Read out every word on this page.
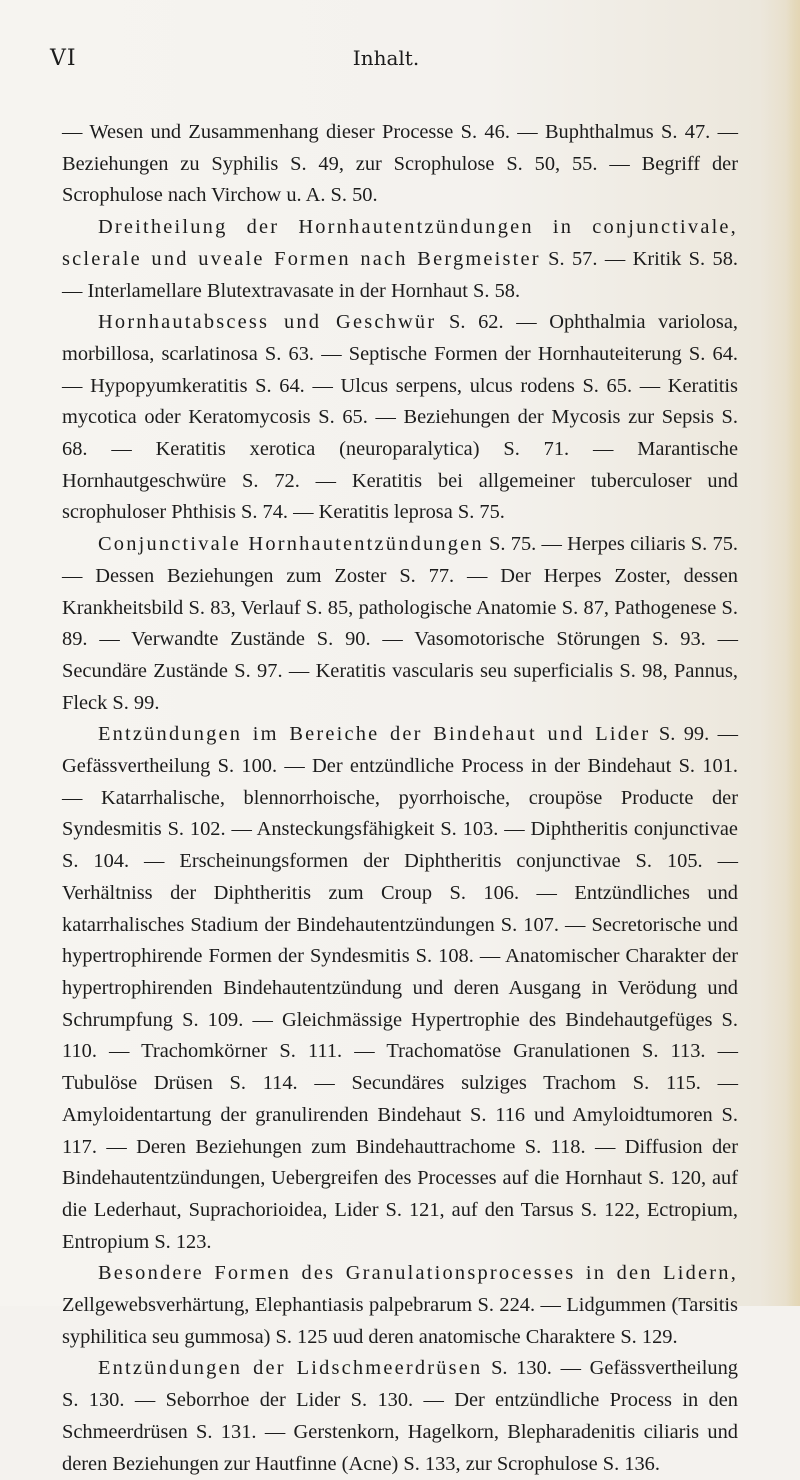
VI	Inhalt.

— Wesen und Zusammenhang dieser Processe S. 46. — Buphthalmus S. 47. — Beziehungen zu Syphilis S. 49, zur Scrophulose S. 50, 55. — Begriff der Scrophulose nach Virchow u. A. S. 50.

Dreitheilung der Hornhautentzündungen in conjunctivale, sclerale und uveale Formen nach Bergmeister S. 57. — Kritik S. 58. — Interlamellare Blutextravasate in der Hornhaut S. 58.

Hornhautabscess und Geschwür S. 62. — Ophthalmia variolosa, morbillosa, scarlatinosa S. 63. — Septische Formen der Hornhauteiterung S. 64. — Hypopyumkeratitis S. 64. — Ulcus serpens, ulcus rodens S. 65. — Keratitis mycotica oder Keratomycosis S. 65. — Beziehungen der Mycosis zur Sepsis S. 68. — Keratitis xerotica (neuroparalytica) S. 71. — Marantische Hornhautgeschwüre S. 72. — Keratitis bei allgemeiner tuberculoser und scrophuloser Phthisis S. 74. — Keratitis leprosa S. 75.

Conjunctivale Hornhautentzündungen S. 75. — Herpes ciliaris S. 75. — Dessen Beziehungen zum Zoster S. 77. — Der Herpes Zoster, dessen Krankheitsbild S. 83, Verlauf S. 85, pathologische Anatomie S. 87, Pathogenese S. 89. — Verwandte Zustände S. 90. — Vasomotorische Störungen S. 93. — Secundäre Zustände S. 97. — Keratitis vascularis seu superficialis S. 98, Pannus, Fleck S. 99.

Entzündungen im Bereiche der Bindehaut und Lider S. 99. — Gefässvertheilung S. 100. — Der entzündliche Process in der Bindehaut S. 101. — Katarrhalische, blennorrhoische, pyorrhoische, croupöse Producte der Syndesmitis S. 102. — Ansteckungsfähigkeit S. 103. — Diphtheritis conjunctivae S. 104. — Erscheinungsformen der Diphtheritis conjunctivae S. 105. — Verhältniss der Diphtheritis zum Croup S. 106. — Entzündliches und katarrhalisches Stadium der Bindehautentzündungen S. 107. — Secretorische und hypertrophirende Formen der Syndesmitis S. 108. — Anatomischer Charakter der hypertrophirenden Bindehautentzündung und deren Ausgang in Verödung und Schrumpfung S. 109. — Gleichmässige Hypertrophie des Bindehautgefüges S. 110. — Trachomkörner S. 111. — Trachomatöse Granulationen S. 113. — Tubulöse Drüsen S. 114. — Secundäres sulziges Trachom S. 115. — Amyloidentartung der granulirenden Bindehaut S. 116 und Amyloidtumoren S. 117. — Deren Beziehungen zum Bindehauttrachome S. 118. — Diffusion der Bindehautentzündungen, Uebergreifen des Processes auf die Hornhaut S. 120, auf die Lederhaut, Suprachorioidea, Lider S. 121, auf den Tarsus S. 122, Ectropium, Entropium S. 123.

Besondere Formen des Granulationsprocesses in den Lidern, Zellgewebsverhärtung, Elephantiasis palpebrarum S. 224. — Lidgummen (Tarsitis syphilitica seu gummosa) S. 125 uud deren anatomische Charaktere S. 129.

Entzündungen der Lidschmeerdrüsen S. 130. — Gefässvertheilung S. 130. — Seborrhoe der Lider S. 130. — Der entzündliche Process in den Schmeerdrüsen S. 131. — Gerstenkorn, Hagelkorn, Blepharadenitis ciliaris und deren Beziehungen zur Hautfinne (Acne) S. 133, zur Scrophulose S. 136.
